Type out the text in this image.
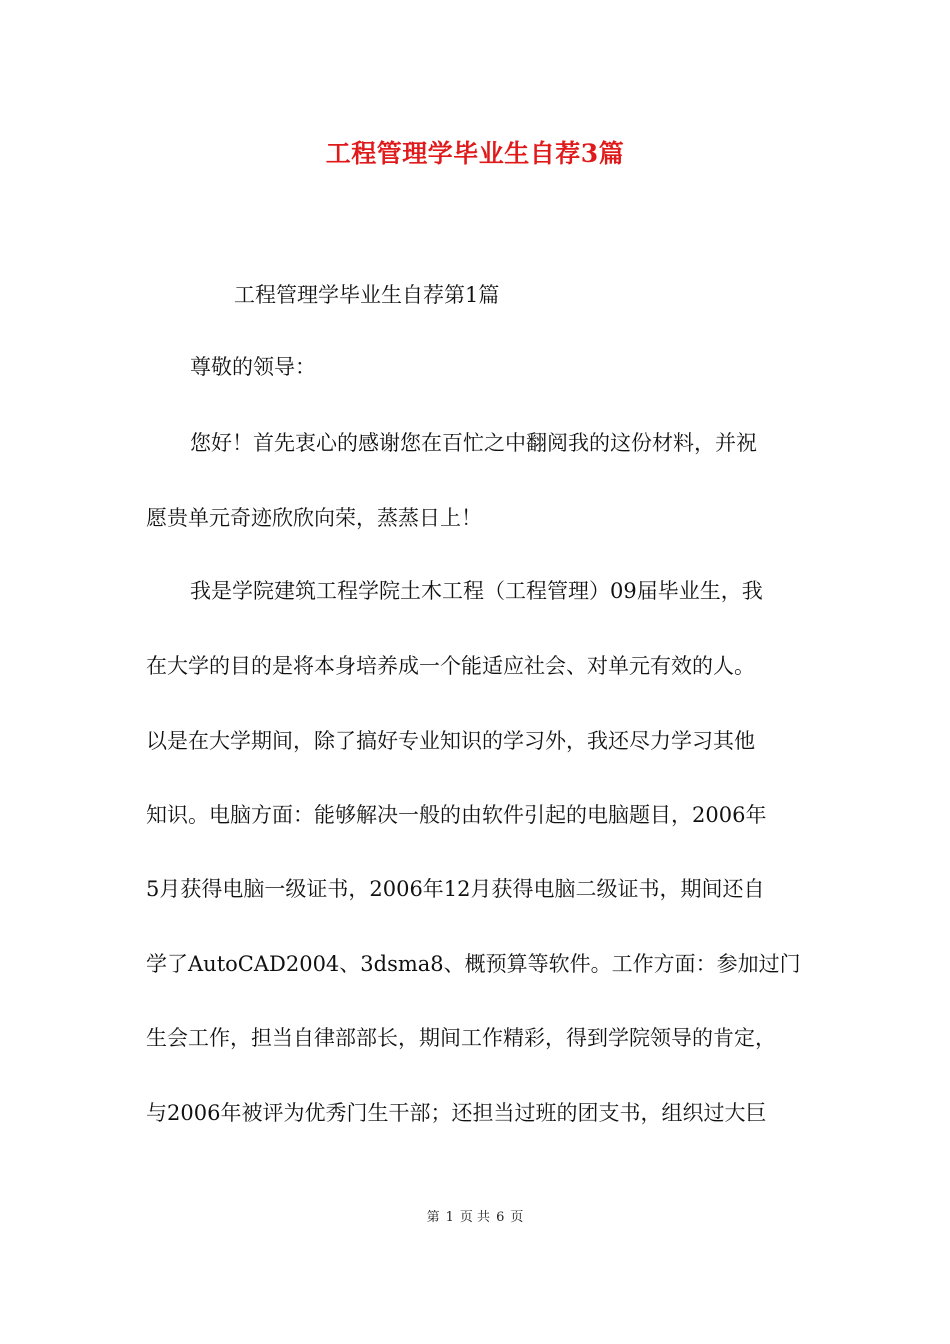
工程管理学毕业生自荐3篇
工程管理学毕业生自荐第1篇
尊敬的领导：
您好！首先衷心的感谢您在百忙之中翻阅我的这份材料，并祝
愿贵单元奇迹欣欣向荣，蒸蒸日上！
我是学院建筑工程学院土木工程（工程管理）09届毕业生，我
在大学的目的是将本身培养成一个能适应社会、对单元有效的人。
以是在大学期间，除了搞好专业知识的学习外，我还尽力学习其他
知识。电脑方面：能够解决一般的由软件引起的电脑题目，2006年
5月获得电脑一级证书，2006年12月获得电脑二级证书，期间还自
学了AutoCAD2004、3dsma8、概预算等软件。工作方面：参加过门
生会工作，担当自律部部长，期间工作精彩，得到学院领导的肯定，
与2006年被评为优秀门生干部；还担当过班的团支书，组织过大巨
第 1 页 共 6 页
